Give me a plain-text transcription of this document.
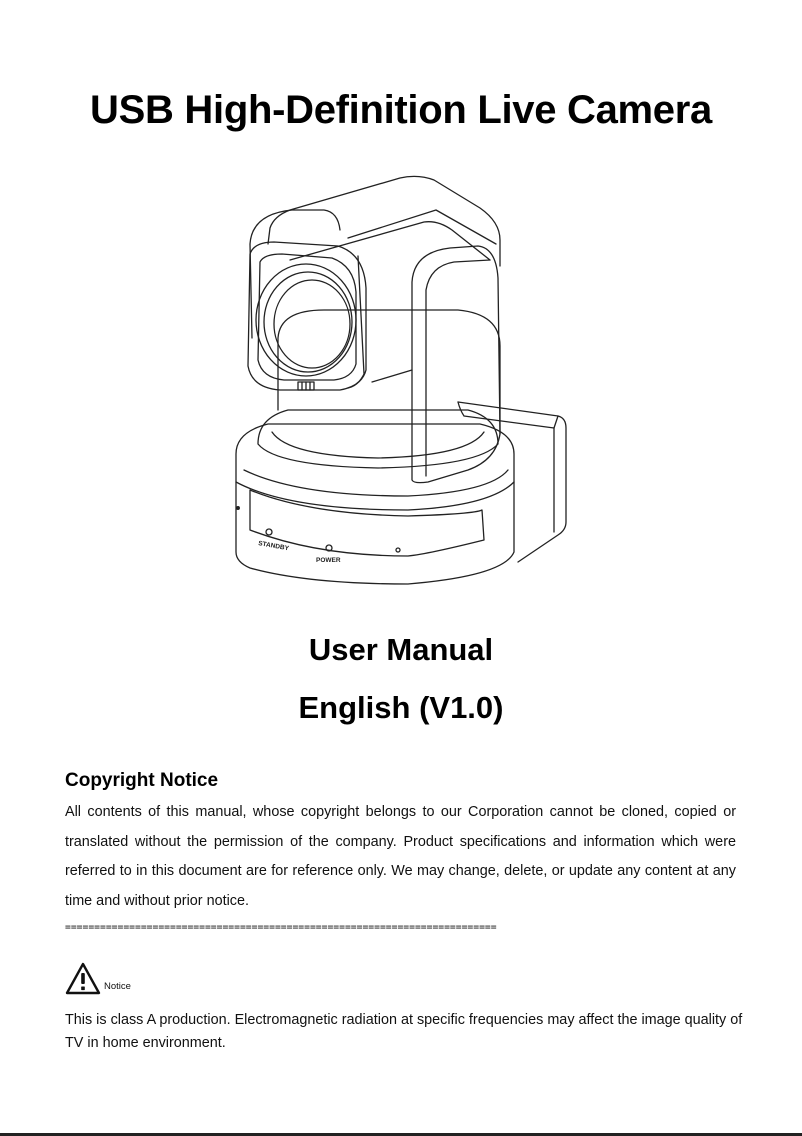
USB High-Definition Live Camera
STANDBY
POWER
User Manual
English (V1.0)
Copyright Notice

All contents of this manual, whose copyright belongs to our Corporation cannot be cloned, copied or translated without the permission of the company. Product specifications and information which were referred to in this document are for reference only. We may change, delete, or update any content at any time and without prior notice.

==========================================================================
Notice

This is class A production. Electromagnetic radiation at specific frequencies may affect the image quality of TV in home environment.
